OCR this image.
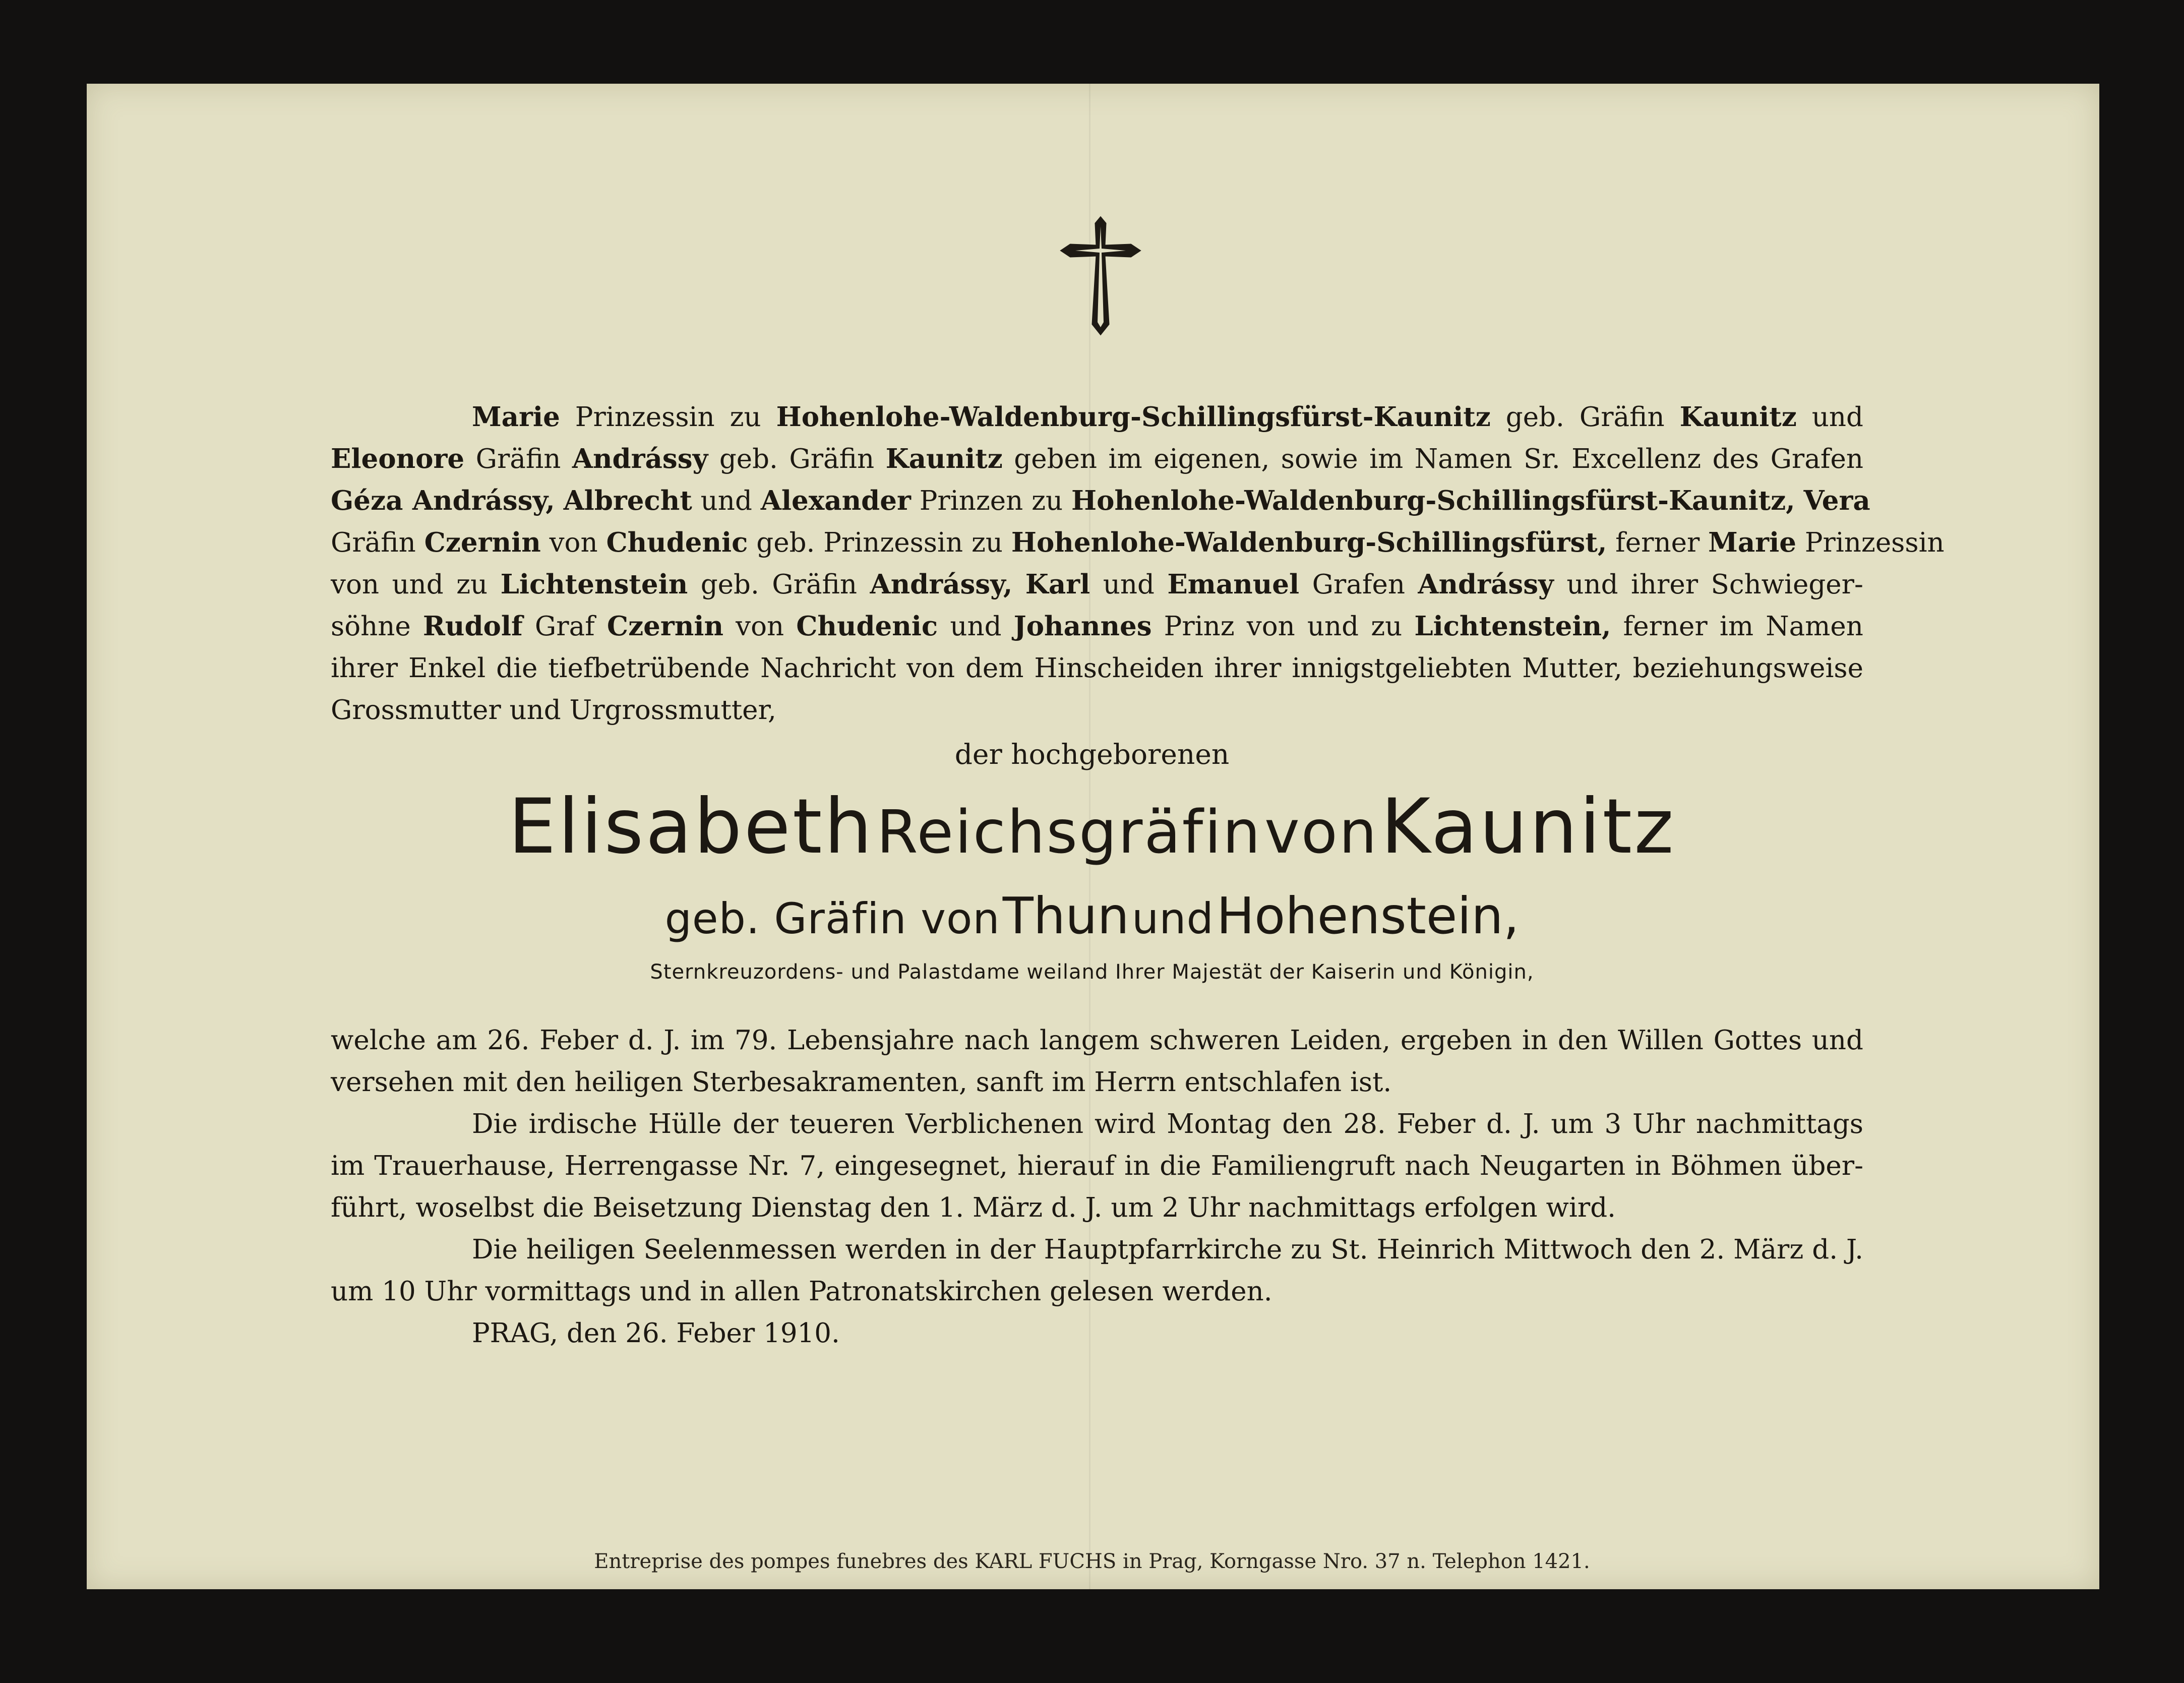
Marie Prinzessin zu Hohenlohe-Waldenburg-Schillingsfürst-Kaunitz geb. Gräfin Kaunitz und
Eleonore Gräfin Andrássy geb. Gräfin Kaunitz geben im eigenen, sowie im Namen Sr. Excellenz des Grafen
Géza Andrássy, Albrecht und Alexander Prinzen zu Hohenlohe-Waldenburg-Schillingsfürst-Kaunitz, Vera
Gräfin Czernin von Chudenic geb. Prinzessin zu Hohenlohe-Waldenburg-Schillingsfürst, ferner Marie Prinzessin
von und zu Lichtenstein geb. Gräfin Andrássy, Karl und Emanuel Grafen Andrássy und ihrer Schwieger-
söhne Rudolf Graf Czernin von Chudenic und Johannes Prinz von und zu Lichtenstein, ferner im Namen
ihrer Enkel die tiefbetrübende Nachricht von dem Hinscheiden ihrer innigstgeliebten Mutter, beziehungsweise
Grossmutter und Urgrossmutter,
der hochgeborenen
Elisabeth Reichsgräfin von Kaunitz
geb. Gräfin von Thun und Hohenstein,
Sternkreuzordens- und Palastdame weiland Ihrer Majestät der Kaiserin und Königin,
welche am 26. Feber d. J. im 79. Lebensjahre nach langem schweren Leiden, ergeben in den Willen Gottes und
versehen mit den heiligen Sterbesakramenten, sanft im Herrn entschlafen ist.
Die irdische Hülle der teueren Verblichenen wird Montag den 28. Feber d. J. um 3 Uhr nachmittags
im Trauerhause, Herrengasse Nr. 7, eingesegnet, hierauf in die Familiengruft nach Neugarten in Böhmen über-
führt, woselbst die Beisetzung Dienstag den 1. März d. J. um 2 Uhr nachmittags erfolgen wird.
Die heiligen Seelenmessen werden in der Hauptpfarrkirche zu St. Heinrich Mittwoch den 2. März d. J.
um 10 Uhr vormittags und in allen Patronatskirchen gelesen werden.
PRAG, den 26. Feber 1910.
Entreprise des pompes funebres des KARL FUCHS in Prag, Korngasse Nro. 37 n. Telephon 1421.
